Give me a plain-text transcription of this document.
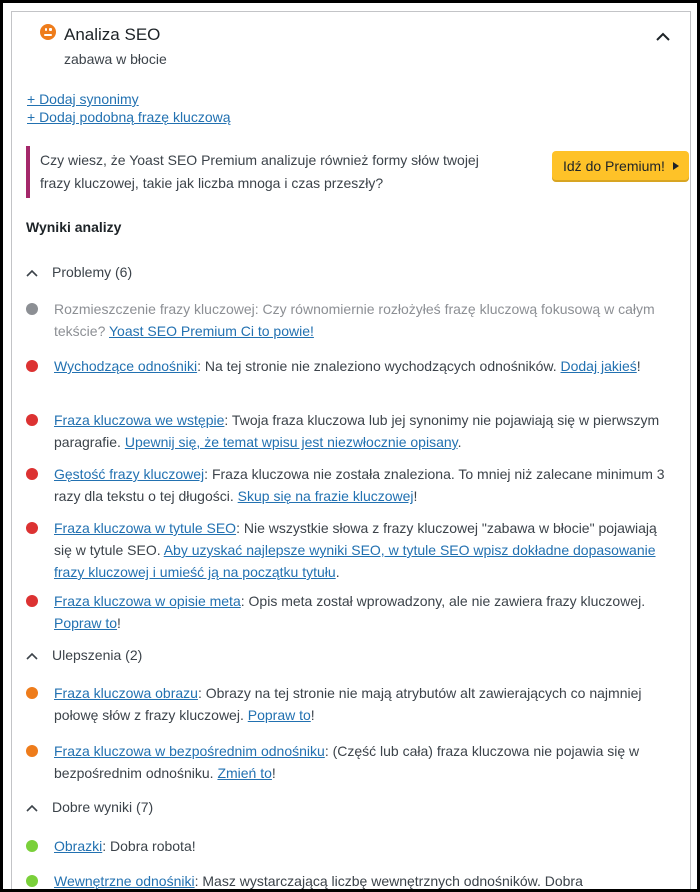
Analiza SEO
zabawa w błocie
+ Dodaj synonimy
+ Dodaj podobną frazę kluczową
Czy wiesz, że Yoast SEO Premium analizuje również formy słów twojej
frazy kluczowej, takie jak liczba mnoga i czas przeszły?
Idź do Premium!
Wyniki analizy
Problemy (6)
Rozmieszczenie frazy kluczowej: Czy równomiernie rozłożyłeś frazę kluczową fokusową w całym tekście? Yoast SEO Premium Ci to powie!
Wychodzące odnośniki: Na tej stronie nie znaleziono wychodzących odnośników. Dodaj jakieś!
Fraza kluczowa we wstępie: Twoja fraza kluczowa lub jej synonimy nie pojawiają się w pierwszym paragrafie. Upewnij się, że temat wpisu jest niezwłocznie opisany.
Gęstość frazy kluczowej: Fraza kluczowa nie została znaleziona. To mniej niż zalecane minimum 3 razy dla tekstu o tej długości. Skup się na frazie kluczowej!
Fraza kluczowa w tytule SEO: Nie wszystkie słowa z frazy kluczowej "zabawa w błocie" pojawiają się w tytule SEO. Aby uzyskać najlepsze wyniki SEO, w tytule SEO wpisz dokładne dopasowanie frazy kluczowej i umieść ją na początku tytułu.
Fraza kluczowa w opisie meta: Opis meta został wprowadzony, ale nie zawiera frazy kluczowej. Popraw to!
Ulepszenia (2)
Fraza kluczowa obrazu: Obrazy na tej stronie nie mają atrybutów alt zawierających co najmniej połowę słów z frazy kluczowej. Popraw to!
Fraza kluczowa w bezpośrednim odnośniku: (Część lub cała) fraza kluczowa nie pojawia się w bezpośrednim odnośniku. Zmień to!
Dobre wyniki (7)
Obrazki: Dobra robota!
Wewnętrzne odnośniki: Masz wystarczającą liczbę wewnętrznych odnośników. Dobra
